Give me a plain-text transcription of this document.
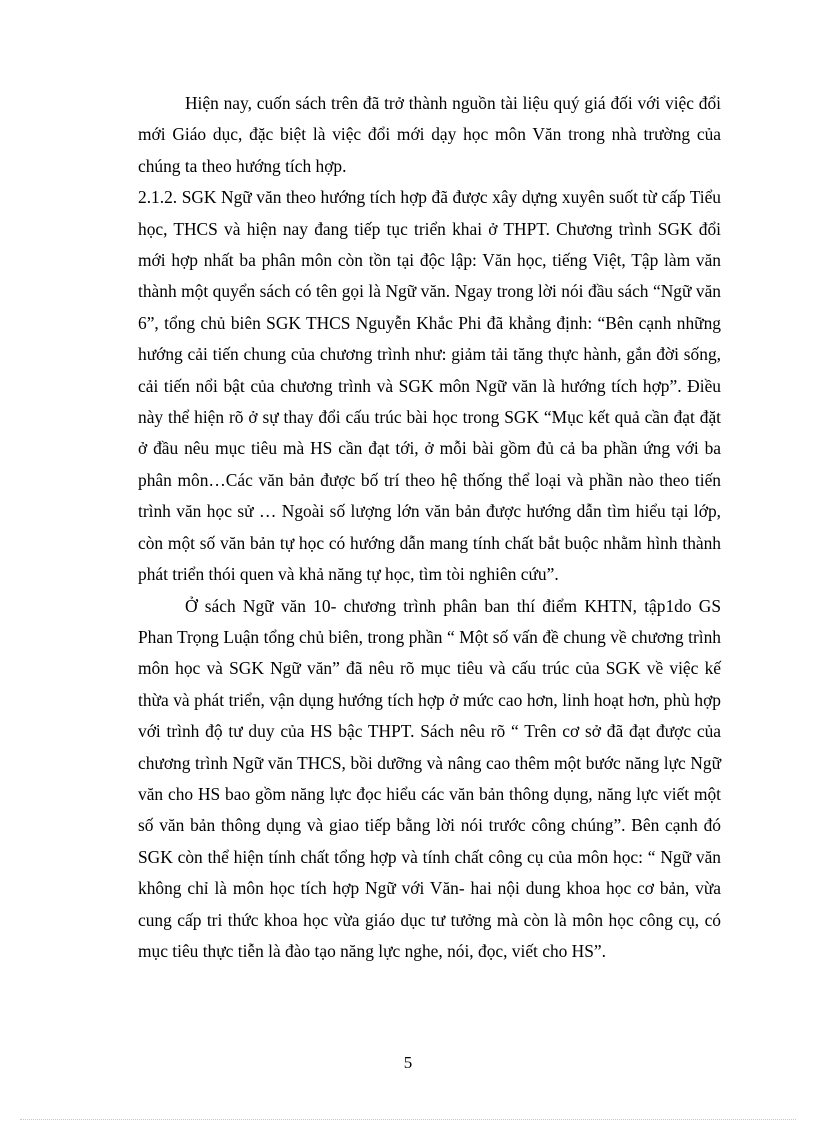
Hiện nay, cuốn sách trên đã trở thành nguồn tài liệu quý giá đối với việc đổi mới Giáo dục, đặc biệt là việc đổi mới dạy học môn Văn trong nhà trường của chúng ta theo hướng tích hợp.

2.1.2. SGK Ngữ văn theo hướng tích hợp đã được xây dựng xuyên suốt từ cấp Tiểu học, THCS và hiện nay đang tiếp tục triển khai ở THPT. Chương trình SGK đổi mới hợp nhất ba phân môn còn tồn tại độc lập: Văn học, tiếng Việt, Tập làm văn thành một quyển sách có tên gọi là Ngữ văn. Ngay trong lời nói đầu sách “Ngữ văn 6”, tổng chủ biên SGK THCS Nguyễn Khắc Phi đã khẳng định: “Bên cạnh những hướng cải tiến chung của chương trình như: giảm tải tăng thực hành, gắn đời sống, cải tiến nổi bật của chương trình và SGK môn Ngữ văn là hướng tích hợp”. Điều này thể hiện rõ ở sự thay đổi cấu trúc bài học trong SGK “Mục kết quả cần đạt đặt ở đầu nêu mục tiêu mà HS cần đạt tới, ở mỗi bài gồm đủ cả ba phần ứng với ba phân môn…Các văn bản được bố trí theo hệ thống thể loại và phần nào theo tiến trình văn học sử … Ngoài số lượng lớn văn bản được hướng dẫn tìm hiểu tại lớp, còn một số văn bản tự học có hướng dẫn mang tính chất bắt buộc nhằm hình thành phát triển thói quen và khả năng tự học, tìm tòi nghiên cứu”.

Ở sách Ngữ văn 10- chương trình phân ban thí điểm KHTN, tập1do GS Phan Trọng Luận tổng chủ biên, trong phần “ Một số vấn đề chung về chương trình môn học và SGK Ngữ văn” đã nêu rõ mục tiêu và cấu trúc của SGK về việc kế thừa và phát triển, vận dụng hướng tích hợp ở mức cao hơn, linh hoạt hơn, phù hợp với trình độ tư duy của HS bậc THPT. Sách nêu rõ “ Trên cơ sở đã đạt được của chương trình Ngữ văn THCS, bồi dưỡng và nâng cao thêm một bước năng lực Ngữ văn cho HS bao gồm năng lực đọc hiểu các văn bản thông dụng, năng lực viết một số văn bản thông dụng và giao tiếp bằng lời nói trước công chúng”. Bên cạnh đó SGK còn thể hiện tính chất tổng hợp và tính chất công cụ của môn học: “ Ngữ văn không chỉ là môn học tích hợp Ngữ với Văn- hai nội dung khoa học cơ bản, vừa cung cấp tri thức khoa học vừa giáo dục tư tưởng mà còn là môn học công cụ, có mục tiêu thực tiễn là đào tạo năng lực nghe, nói, đọc, viết cho HS”.

5
